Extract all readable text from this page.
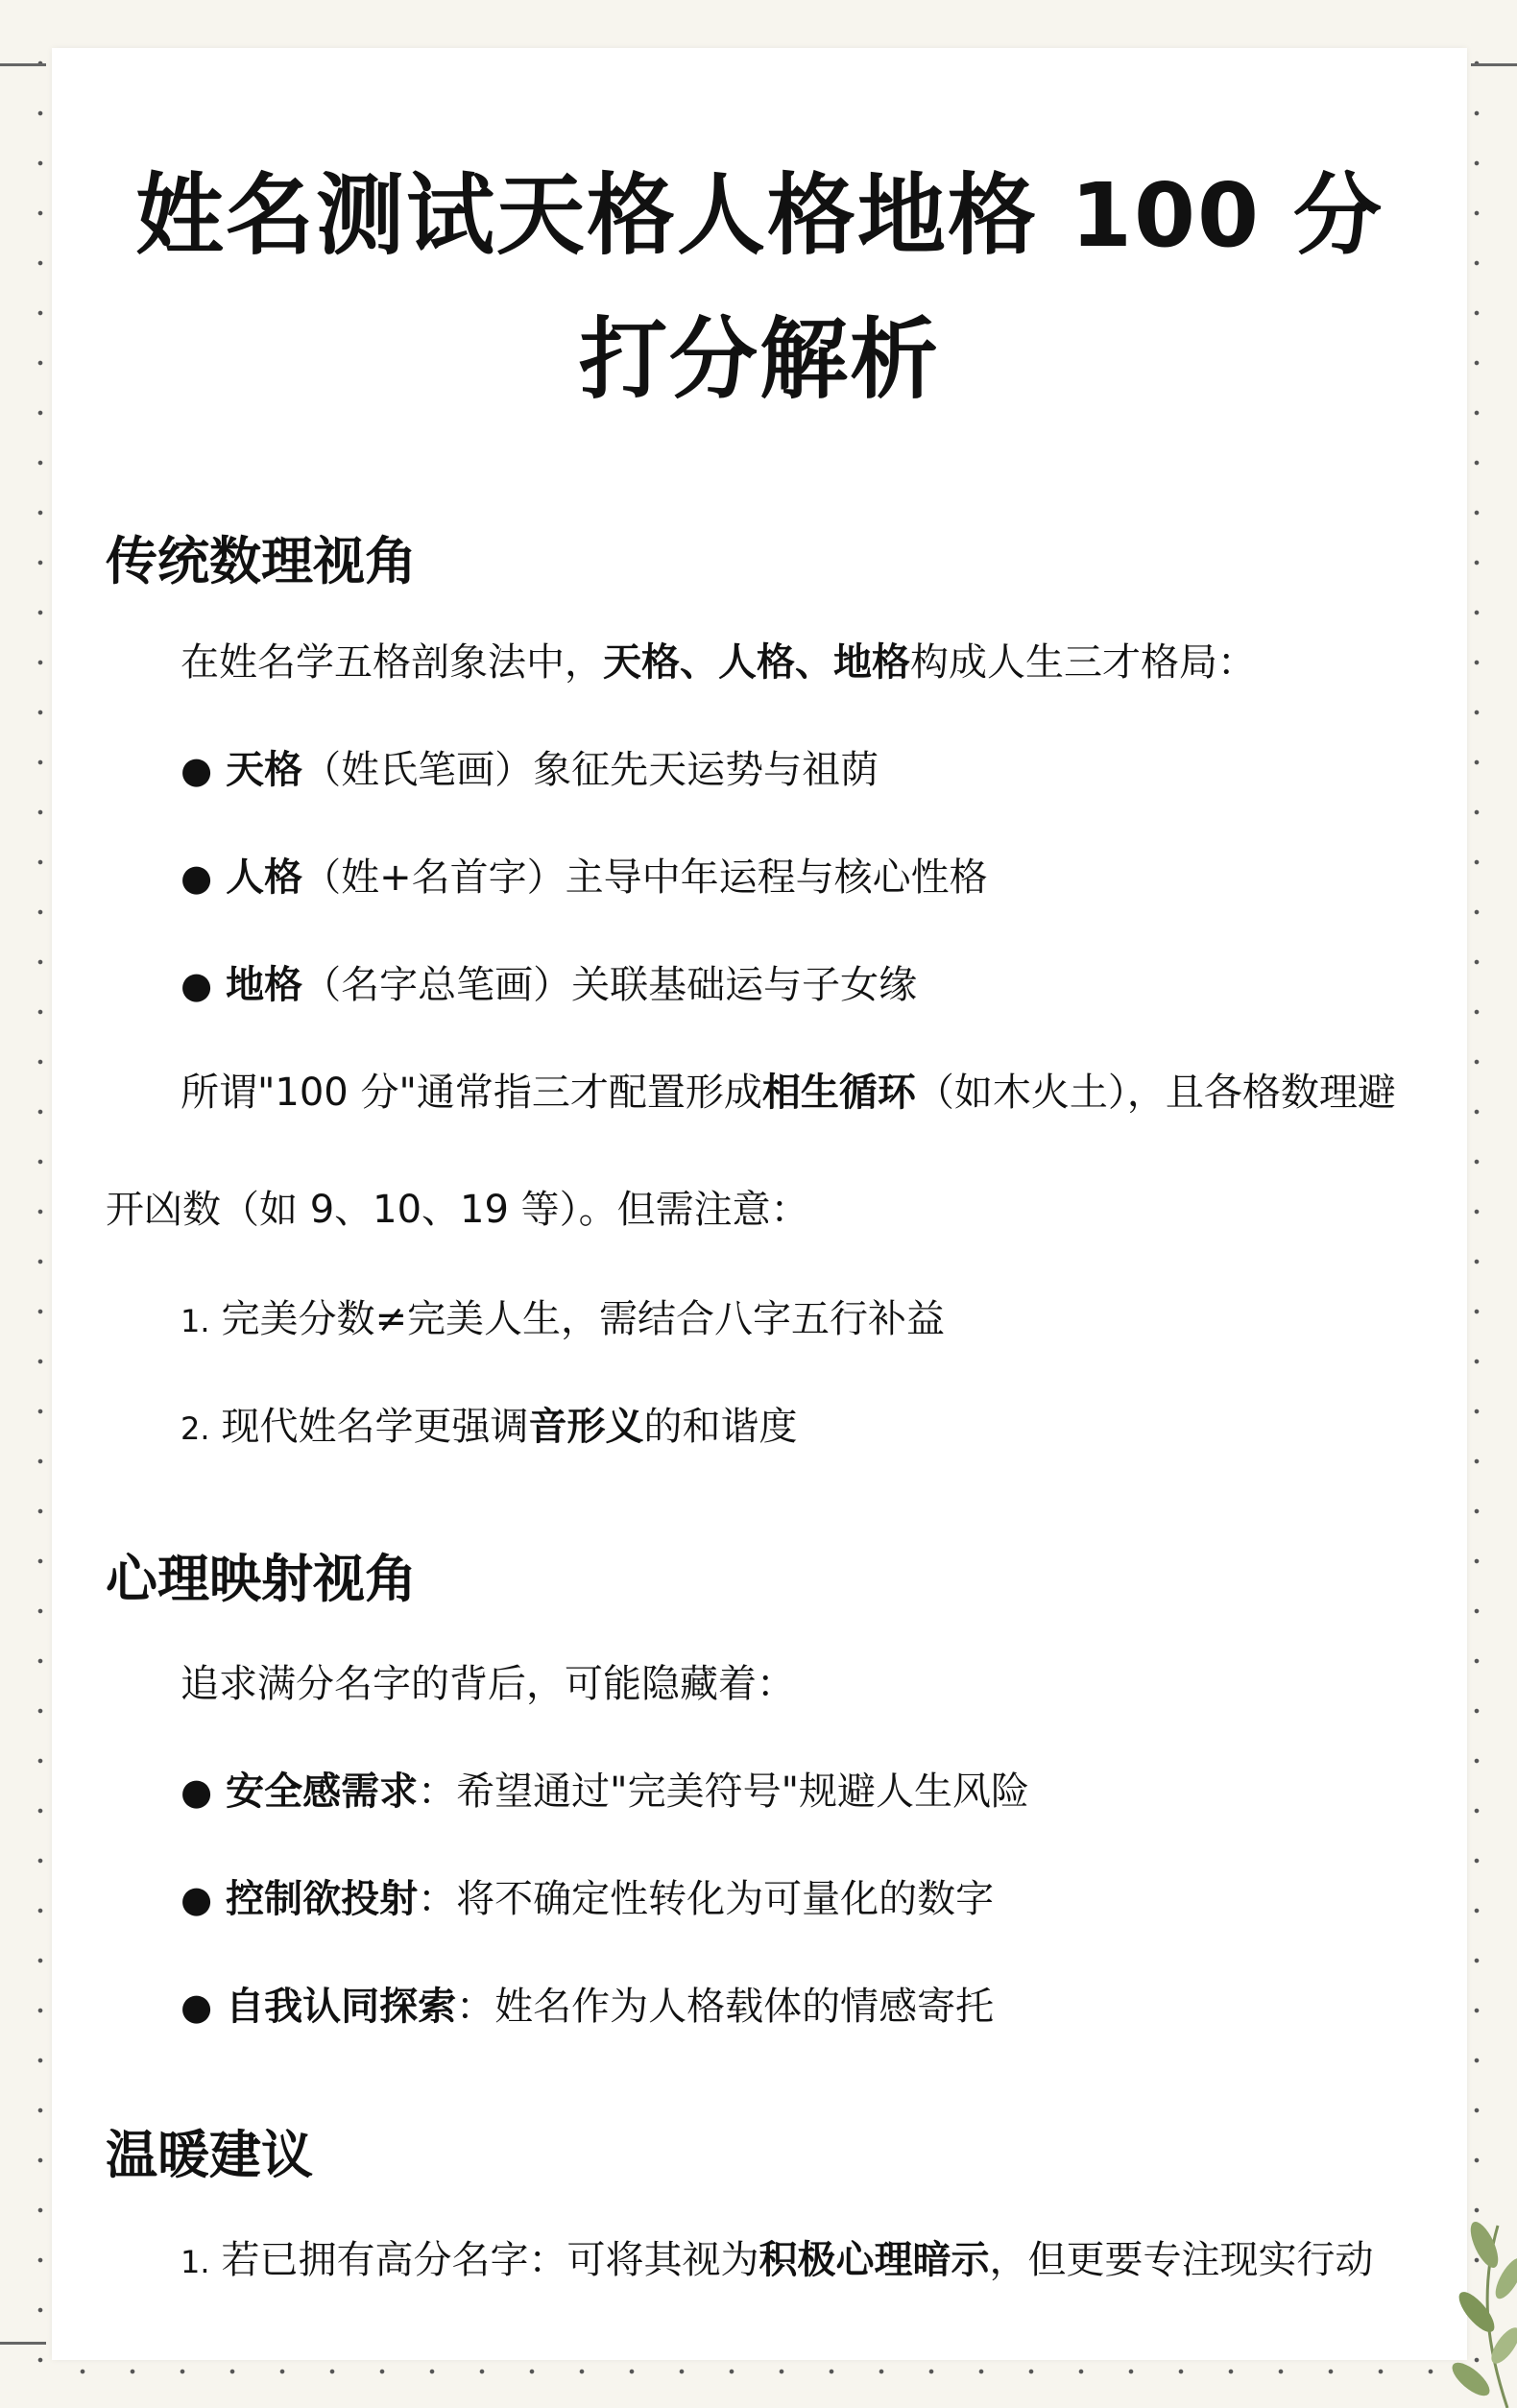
姓名测试天格人格地格 100 分
打分解析
传统数理视角
在姓名学五格剖象法中，天格、人格、地格构成人生三才格局：
● 天格（姓氏笔画）象征先天运势与祖荫
● 人格（姓+名首字）主导中年运程与核心性格
● 地格（名字总笔画）关联基础运与子女缘
所谓"100 分"通常指三才配置形成相生循环（如木火土），且各格数理避
开凶数（如 9、10、19 等）。但需注意：
1. 完美分数≠完美人生，需结合八字五行补益
2. 现代姓名学更强调音形义的和谐度
心理映射视角
追求满分名字的背后，可能隐藏着：
● 安全感需求：希望通过"完美符号"规避人生风险
● 控制欲投射：将不确定性转化为可量化的数字
● 自我认同探索：姓名作为人格载体的情感寄托
温暖建议
1. 若已拥有高分名字：可将其视为积极心理暗示，但更要专注现实行动
